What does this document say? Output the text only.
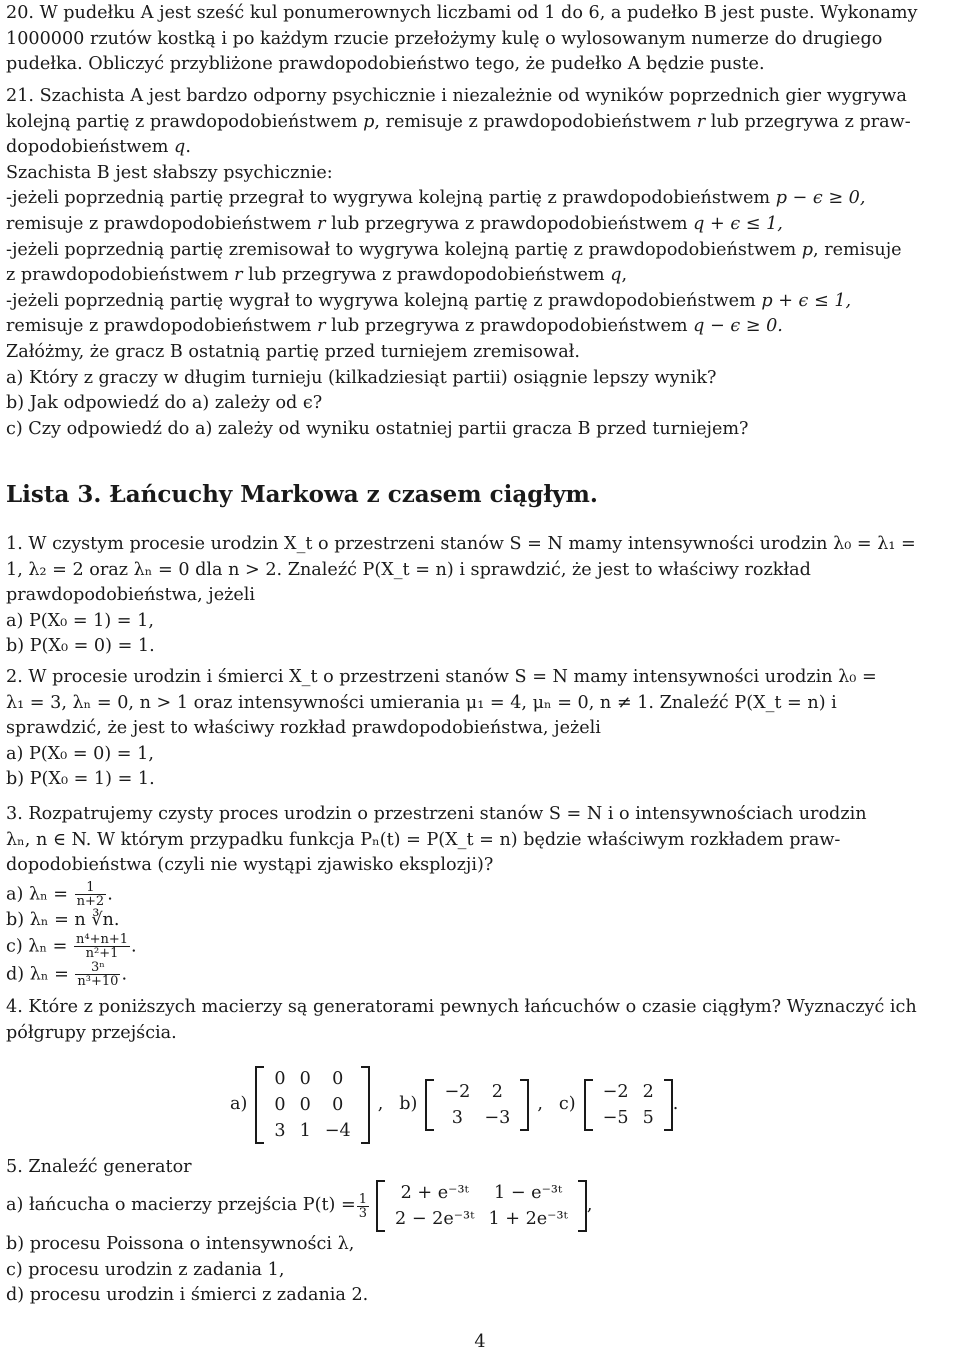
20. W pudełku A jest sześć kul ponumerownych liczbami od 1 do 6, a pudełko B jest puste. Wykonamy
1000000 rzutów kostką i po każdym rzucie przełożymy kulę o wylosowanym numerze do drugiego
pudełka. Obliczyć przybliżone prawdopodobieństwo tego, że pudełko A będzie puste.
21. Szachista A jest bardzo odporny psychicznie i niezależnie od wyników poprzednich gier wygrywa
kolejną partię z prawdopodobieństwem p, remisuje z prawdopodobieństwem r lub przegrywa z praw-
dopodobieństwem q.
Szachista B jest słabszy psychicznie:
-jeżeli poprzednią partię przegrał to wygrywa kolejną partię z prawdopodobieństwem p − ϵ ≥ 0,
remisuje z prawdopodobieństwem r lub przegrywa z prawdopodobieństwem q + ϵ ≤ 1,
-jeżeli poprzednią partię zremisował to wygrywa kolejną partię z prawdopodobieństwem p, remisuje
z prawdopodobieństwem r lub przegrywa z prawdopodobieństwem q,
-jeżeli poprzednią partię wygrał to wygrywa kolejną partię z prawdopodobieństwem p + ϵ ≤ 1,
remisuje z prawdopodobieństwem r lub przegrywa z prawdopodobieństwem q − ϵ ≥ 0.
Załóżmy, że gracz B ostatnią partię przed turniejem zremisował.
a) Który z graczy w długim turnieju (kilkadziesiąt partii) osiągnie lepszy wynik?
b) Jak odpowiedź do a) zależy od ϵ?
c) Czy odpowiedź do a) zależy od wyniku ostatniej partii gracza B przed turniejem?
Lista 3. Łańcuchy Markowa z czasem ciągłym.
1. W czystym procesie urodzin X_t o przestrzeni stanów S = N mamy intensywności urodzin λ₀ = λ₁ =
1, λ₂ = 2 oraz λₙ = 0 dla n > 2. Znaleźć P(X_t = n) i sprawdzić, że jest to właściwy rozkład
prawdopodobieństwa, jeżeli
a) P(X₀ = 1) = 1,
b) P(X₀ = 0) = 1.
2. W procesie urodzin i śmierci X_t o przestrzeni stanów S = N mamy intensywności urodzin λ₀ =
λ₁ = 3, λₙ = 0, n > 1 oraz intensywności umierania μ₁ = 4, μₙ = 0, n ≠ 1. Znaleźć P(X_t = n) i
sprawdzić, że jest to właściwy rozkład prawdopodobieństwa, jeżeli
a) P(X₀ = 0) = 1,
b) P(X₀ = 1) = 1.
3. Rozpatrujemy czysty proces urodzin o przestrzeni stanów S = N i o intensywnościach urodzin
λₙ, n ∈ N. W którym przypadku funkcja Pₙ(t) = P(X_t = n) będzie właściwym rozkładem praw-
dopodobieństwa (czyli nie wystąpi zjawisko eksplozji)?
a) $\lambda_n = \frac{1}{n+2}$ .
b) λₙ = n ∛n.
c) $\lambda_n = \frac{\text{n⁴+n+1}}{\text{n²+1}}$ .
d) $\lambda_n = \frac{\text{3ⁿ}}{\text{n³+10}}$ .
4. Które z poniższych macierzy są generatorami pewnych łańcuchów o czasie ciągłym? Wyznaczyć ich
półgrupy przejścia.
a)
0	0	0
0	0	0
3	1	−4
, b)
−2	2
3	−3
, c)
−2	2
−5	5
.
5. Znaleźć generator
a) łańcucha o macierzy przejścia $P(t) = \frac{1}{3} 2$ + e⁻³ᵗ	1 − e⁻³ᵗ
2 − 2e⁻³ᵗ	1 + 2e⁻³ᵗ
,
b) procesu Poissona o intensywności λ,
c) procesu urodzin z zadania 1,
d) procesu urodzin i śmierci z zadania 2.
4
